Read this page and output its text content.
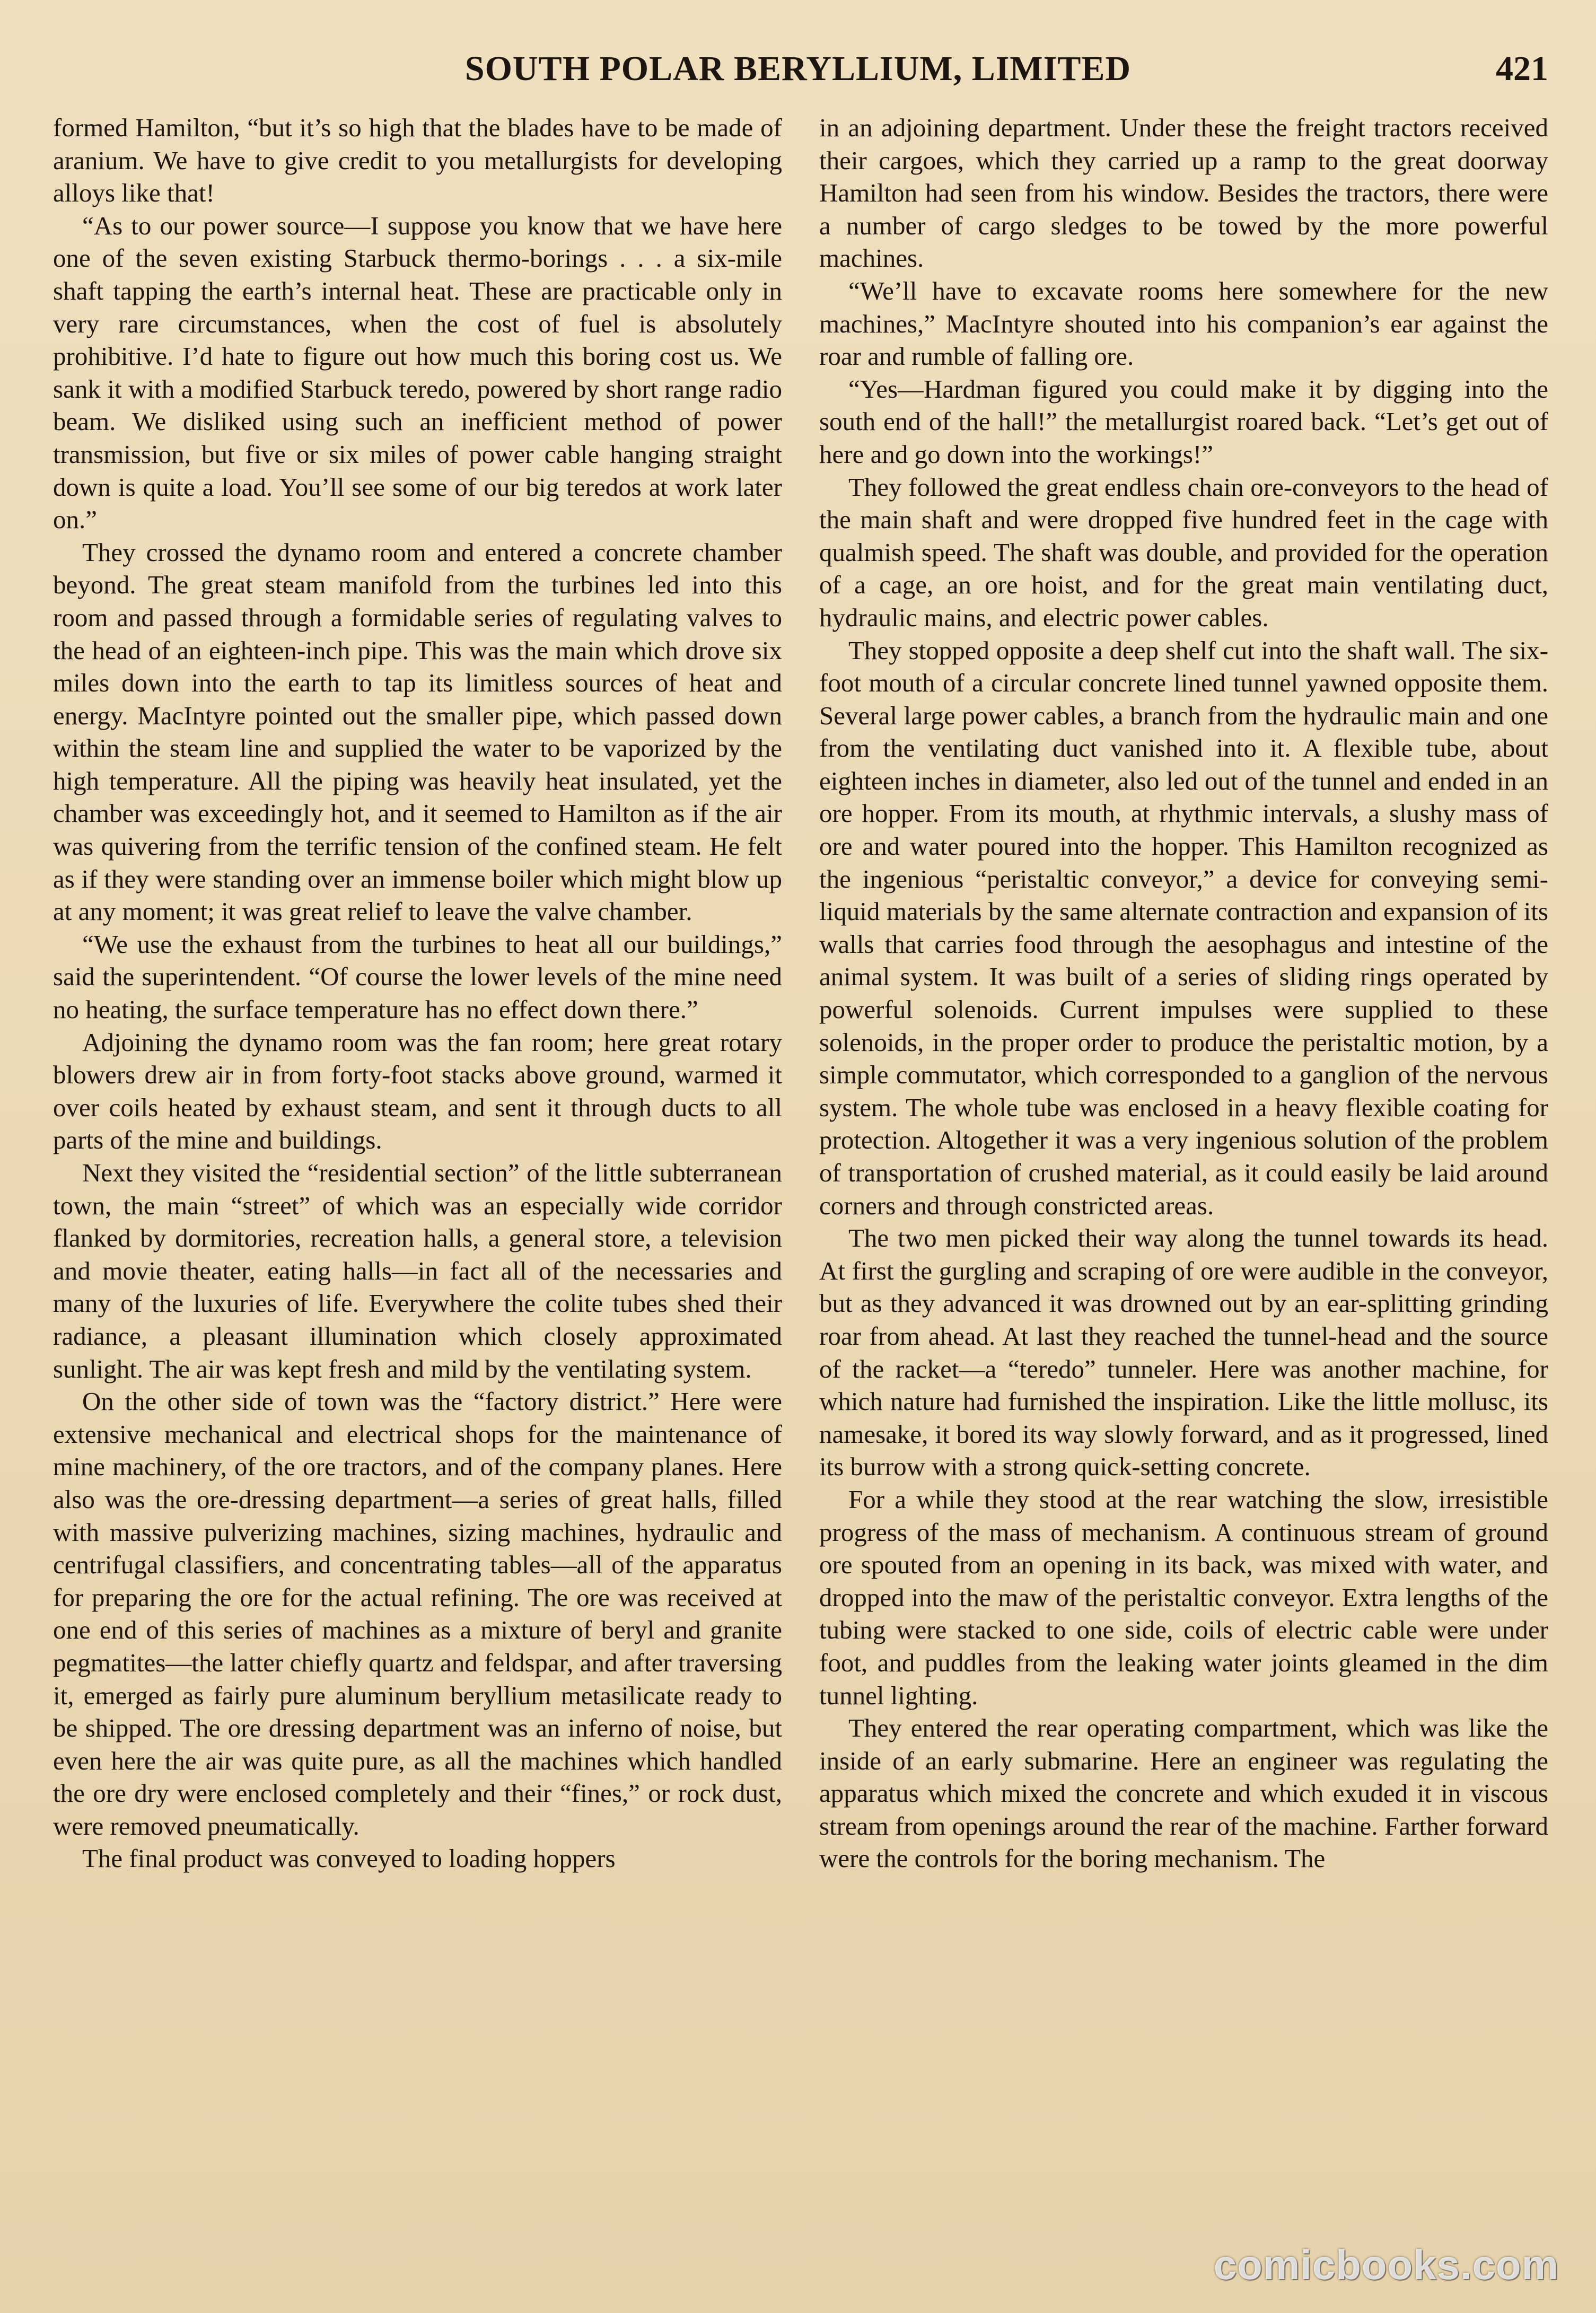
SOUTH POLAR BERYLLIUM, LIMITED	421

formed Hamilton, “but it’s so high that the blades have to be made of aranium. We have to give credit to you metallurgists for developing alloys like that!

“As to our power source—I suppose you know that we have here one of the seven existing Starbuck thermo-borings . . . a six-mile shaft tapping the earth’s internal heat. These are practicable only in very rare circumstances, when the cost of fuel is absolutely prohibitive. I’d hate to figure out how much this boring cost us. We sank it with a modified Starbuck teredo, powered by short range radio beam. We disliked using such an inefficient method of power transmission, but five or six miles of power cable hanging straight down is quite a load. You’ll see some of our big teredos at work later on.”

They crossed the dynamo room and entered a concrete chamber beyond. The great steam manifold from the turbines led into this room and passed through a formidable series of regulating valves to the head of an eighteen-inch pipe. This was the main which drove six miles down into the earth to tap its limitless sources of heat and energy. MacIntyre pointed out the smaller pipe, which passed down within the steam line and supplied the water to be vaporized by the high temperature. All the piping was heavily heat insulated, yet the chamber was exceedingly hot, and it seemed to Hamilton as if the air was quivering from the terrific tension of the confined steam. He felt as if they were standing over an immense boiler which might blow up at any moment; it was great relief to leave the valve chamber.

“We use the exhaust from the turbines to heat all our buildings,” said the superintendent. “Of course the lower levels of the mine need no heating, the surface temperature has no effect down there.”

Adjoining the dynamo room was the fan room; here great rotary blowers drew air in from forty-foot stacks above ground, warmed it over coils heated by exhaust steam, and sent it through ducts to all parts of the mine and buildings.

Next they visited the “residential section” of the little subterranean town, the main “street” of which was an especially wide corridor flanked by dormitories, recreation halls, a general store, a television and movie theater, eating halls—in fact all of the necessaries and many of the luxuries of life. Everywhere the colite tubes shed their radiance, a pleasant illumination which closely approximated sunlight. The air was kept fresh and mild by the ventilating system.

On the other side of town was the “factory district.” Here were extensive mechanical and electrical shops for the maintenance of mine machinery, of the ore tractors, and of the company planes. Here also was the ore-dressing department—a series of great halls, filled with massive pulverizing machines, sizing machines, hydraulic and centrifugal classifiers, and concentrating tables—all of the apparatus for preparing the ore for the actual refining. The ore was received at one end of this series of machines as a mixture of beryl and granite pegmatites—the latter chiefly quartz and feldspar, and after traversing it, emerged as fairly pure aluminum beryllium metasilicate ready to be shipped. The ore dressing department was an inferno of noise, but even here the air was quite pure, as all the machines which handled the ore dry were enclosed completely and their “fines,” or rock dust, were removed pneumatically.

The final product was conveyed to loading hoppers

in an adjoining department. Under these the freight tractors received their cargoes, which they carried up a ramp to the great doorway Hamilton had seen from his window. Besides the tractors, there were a number of cargo sledges to be towed by the more powerful machines.

“We’ll have to excavate rooms here somewhere for the new machines,” MacIntyre shouted into his companion’s ear against the roar and rumble of falling ore.

“Yes—Hardman figured you could make it by digging into the south end of the hall!” the metallurgist roared back. “Let’s get out of here and go down into the workings!”

They followed the great endless chain ore-conveyors to the head of the main shaft and were dropped five hundred feet in the cage with qualmish speed. The shaft was double, and provided for the operation of a cage, an ore hoist, and for the great main ventilating duct, hydraulic mains, and electric power cables.

They stopped opposite a deep shelf cut into the shaft wall. The six-foot mouth of a circular concrete lined tunnel yawned opposite them. Several large power cables, a branch from the hydraulic main and one from the ventilating duct vanished into it. A flexible tube, about eighteen inches in diameter, also led out of the tunnel and ended in an ore hopper. From its mouth, at rhythmic intervals, a slushy mass of ore and water poured into the hopper. This Hamilton recognized as the ingenious “peristaltic conveyor,” a device for conveying semi-liquid materials by the same alternate contraction and expansion of its walls that carries food through the aesophagus and intestine of the animal system. It was built of a series of sliding rings operated by powerful solenoids. Current impulses were supplied to these solenoids, in the proper order to produce the peristaltic motion, by a simple commutator, which corresponded to a ganglion of the nervous system. The whole tube was enclosed in a heavy flexible coating for protection. Altogether it was a very ingenious solution of the problem of transportation of crushed material, as it could easily be laid around corners and through constricted areas.

The two men picked their way along the tunnel towards its head. At first the gurgling and scraping of ore were audible in the conveyor, but as they advanced it was drowned out by an ear-splitting grinding roar from ahead. At last they reached the tunnel-head and the source of the racket—a “teredo” tunneler. Here was another machine, for which nature had furnished the inspiration. Like the little mollusc, its namesake, it bored its way slowly forward, and as it progressed, lined its burrow with a strong quick-setting concrete.

For a while they stood at the rear watching the slow, irresistible progress of the mass of mechanism. A continuous stream of ground ore spouted from an opening in its back, was mixed with water, and dropped into the maw of the peristaltic conveyor. Extra lengths of the tubing were stacked to one side, coils of electric cable were under foot, and puddles from the leaking water joints gleamed in the dim tunnel lighting.

They entered the rear operating compartment, which was like the inside of an early submarine. Here an engineer was regulating the apparatus which mixed the concrete and which exuded it in viscous stream from openings around the rear of the machine. Farther forward were the controls for the boring mechanism. The

comicbooks.com
